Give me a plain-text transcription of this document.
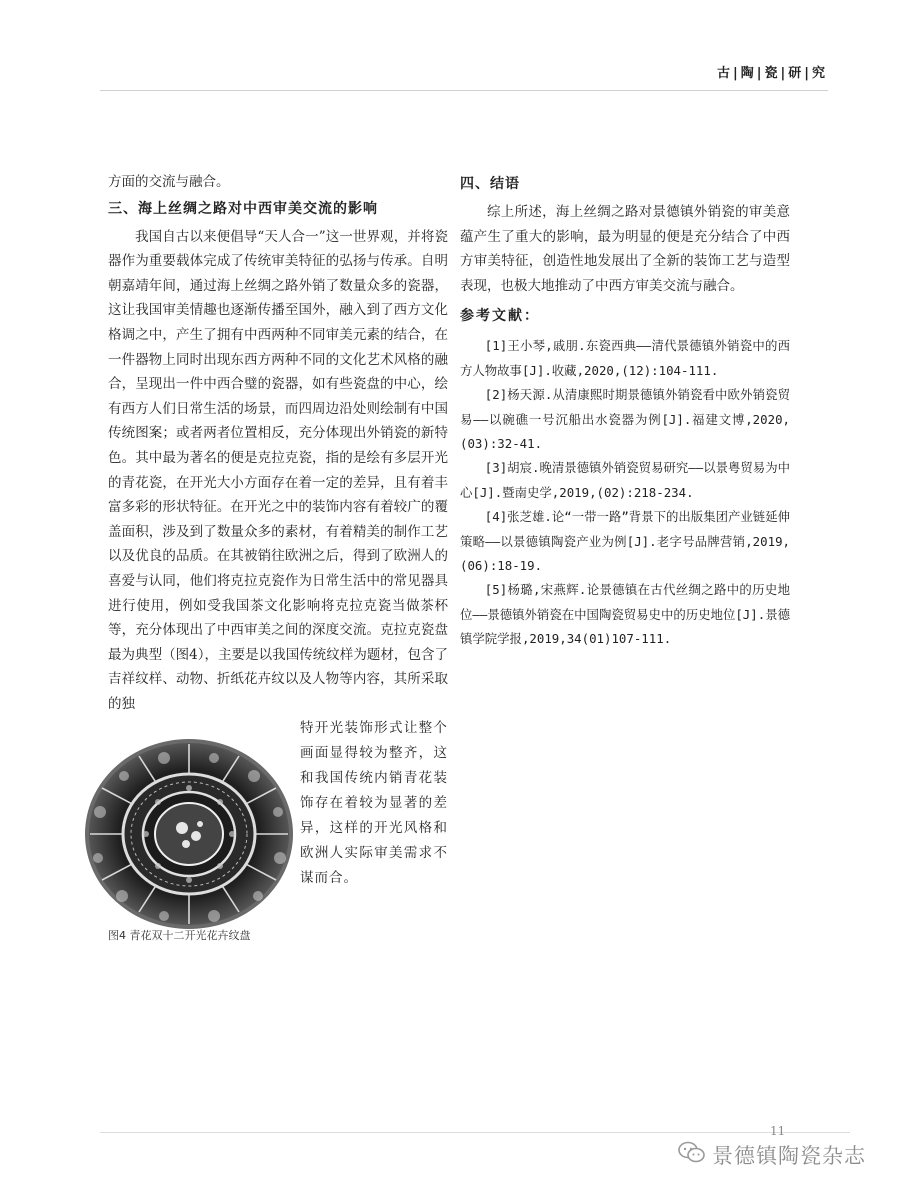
古|陶|瓷|研|究

方面的交流与融合。

三、海上丝绸之路对中西审美交流的影响

我国自古以来便倡导“天人合一”这一世界观，并将瓷器作为重要载体完成了传统审美特征的弘扬与传承。自明朝嘉靖年间，通过海上丝绸之路外销了数量众多的瓷器，这让我国审美情趣也逐渐传播至国外，融入到了西方文化格调之中，产生了拥有中西两种不同审美元素的结合，在一件器物上同时出现东西方两种不同的文化艺术风格的融合，呈现出一件中西合璧的瓷器，如有些瓷盘的中心，绘有西方人们日常生活的场景，而四周边沿处则绘制有中国传统图案；或者两者位置相反，充分体现出外销瓷的新特色。其中最为著名的便是克拉克瓷，指的是绘有多层开光的青花瓷，在开光大小方面存在着一定的差异，且有着丰富多彩的形状特征。在开光之中的装饰内容有着较广的覆盖面积，涉及到了数量众多的素材，有着精美的制作工艺以及优良的品质。在其被销往欧洲之后，得到了欧洲人的喜爱与认同，他们将克拉克瓷作为日常生活中的常见器具进行使用，例如受我国茶文化影响将克拉克瓷当做茶杯等，充分体现出了中西审美之间的深度交流。克拉克瓷盘最为典型（图4），主要是以我国传统纹样为题材，包含了吉祥纹样、动物、折纸花卉纹以及人物等内容，其所采取的独

特开光装饰形式让整个画面显得较为整齐，这和我国传统内销青花装饰存在着较为显著的差异，这样的开光风格和欧洲人实际审美需求不谋而合。

图4 青花双十二开光花卉纹盘
四、结语

综上所述，海上丝绸之路对景德镇外销瓷的审美意蕴产生了重大的影响，最为明显的便是充分结合了中西方审美特征，创造性地发展出了全新的装饰工艺与造型表现，也极大地推动了中西方审美交流与融合。

参考文献：

[1]王小琴,戚朋.东瓷西典——清代景德镇外销瓷中的西方人物故事[J].收藏,2020,(12):104-111.

[2]杨天源.从清康熙时期景德镇外销瓷看中欧外销瓷贸易——以碗礁一号沉船出水瓷器为例[J].福建文博,2020,(03):32-41.

[3]胡宸.晚清景德镇外销瓷贸易研究——以景粤贸易为中心[J].暨南史学,2019,(02):218-234.

[4]张芝雄.论“一带一路”背景下的出版集团产业链延伸策略——以景德镇陶瓷产业为例[J].老字号品牌营销,2019,(06):18-19.

[5]杨璐,宋燕辉.论景德镇在古代丝绸之路中的历史地位——景德镇外销瓷在中国陶瓷贸易史中的历史地位[J].景德镇学院学报,2019,34(01)107-111.

11
景德镇陶瓷杂志
